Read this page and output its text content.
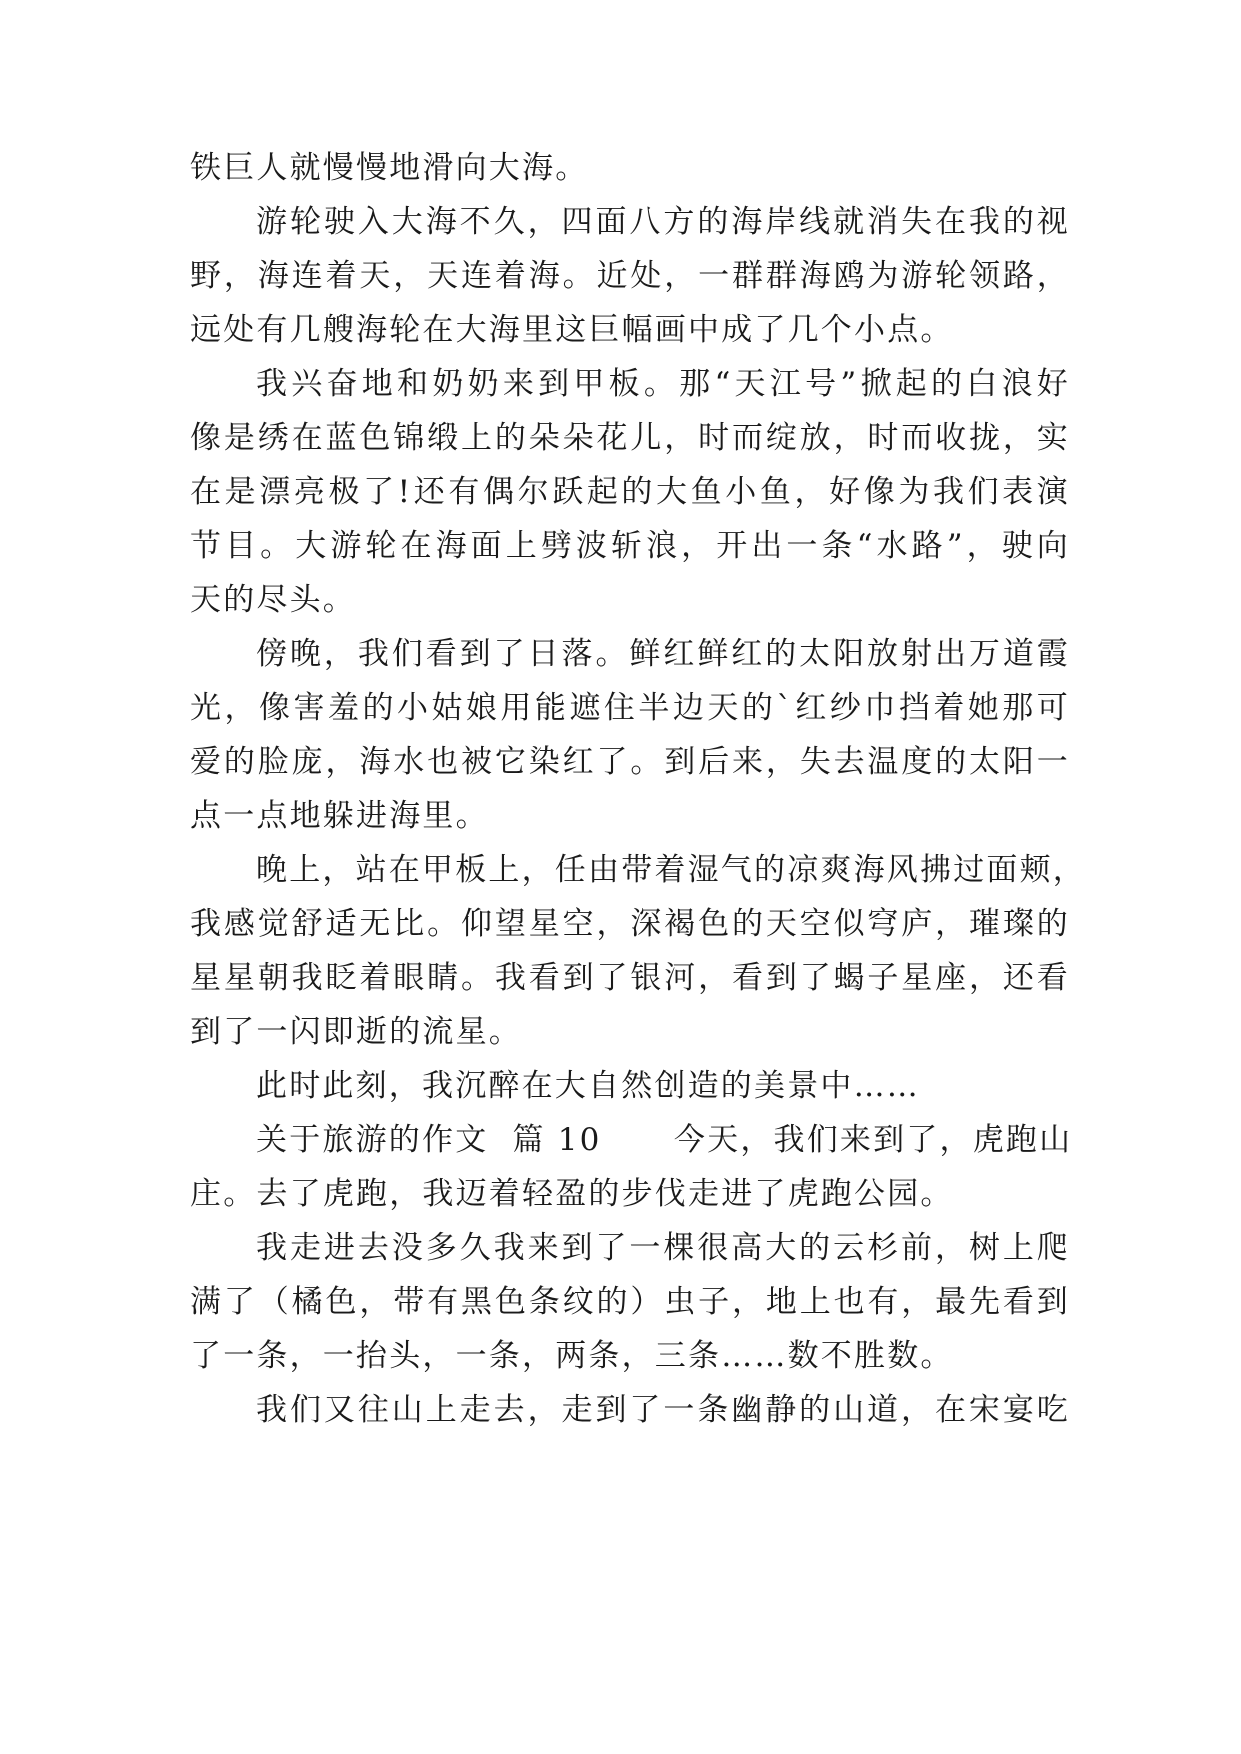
铁巨人就慢慢地滑向大海。
游轮驶入大海不久，四面八方的海岸线就消失在我的视
野，海连着天，天连着海。近处，一群群海鸥为游轮领路，
远处有几艘海轮在大海里这巨幅画中成了几个小点。
我兴奋地和奶奶来到甲板。那“天江号”掀起的白浪好
像是绣在蓝色锦缎上的朵朵花儿，时而绽放，时而收拢，实
在是漂亮极了!还有偶尔跃起的大鱼小鱼，好像为我们表演
节目。大游轮在海面上劈波斩浪，开出一条“水路”，驶向
天的尽头。
傍晚，我们看到了日落。鲜红鲜红的太阳放射出万道霞
光，像害羞的小姑娘用能遮住半边天的`红纱巾挡着她那可
爱的脸庞，海水也被它染红了。到后来，失去温度的太阳一
点一点地躲进海里。
晚上，站在甲板上，任由带着湿气的凉爽海风拂过面颊，
我感觉舒适无比。仰望星空，深褐色的天空似穹庐，璀璨的
星星朝我眨着眼睛。我看到了银河，看到了蝎子星座，还看
到了一闪即逝的流星。
此时此刻，我沉醉在大自然创造的美景中……
关于旅游的作文  篇 10      今天，我们来到了，虎跑山
庄。去了虎跑，我迈着轻盈的步伐走进了虎跑公园。
我走进去没多久我来到了一棵很高大的云杉前，树上爬
满了（橘色，带有黑色条纹的）虫子，地上也有，最先看到
了一条，一抬头，一条，两条，三条……数不胜数。
我们又往山上走去，走到了一条幽静的山道，在宋宴吃
